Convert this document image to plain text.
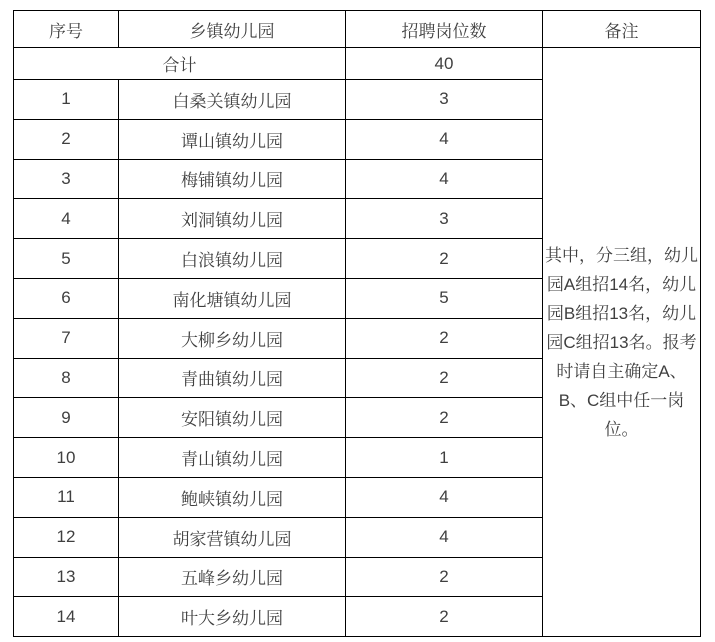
序号	乡镇幼儿园	招聘岗位数	备注
合计		40	其中，分三组，幼儿园A组招14名，幼儿园B组招13名，幼儿园C组招13名。报考时请自主确定A、B、C组中任一岗位。
1	白桑关镇幼儿园	3	
2	谭山镇幼儿园	4	
3	梅铺镇幼儿园	4	
4	刘洞镇幼儿园	3	
5	白浪镇幼儿园	2	
6	南化塘镇幼儿园	5	
7	大柳乡幼儿园	2	
8	青曲镇幼儿园	2	
9	安阳镇幼儿园	2	
10	青山镇幼儿园	1	
11	鲍峡镇幼儿园	4	
12	胡家营镇幼儿园	4	
13	五峰乡幼儿园	2	
14	叶大乡幼儿园	2	
